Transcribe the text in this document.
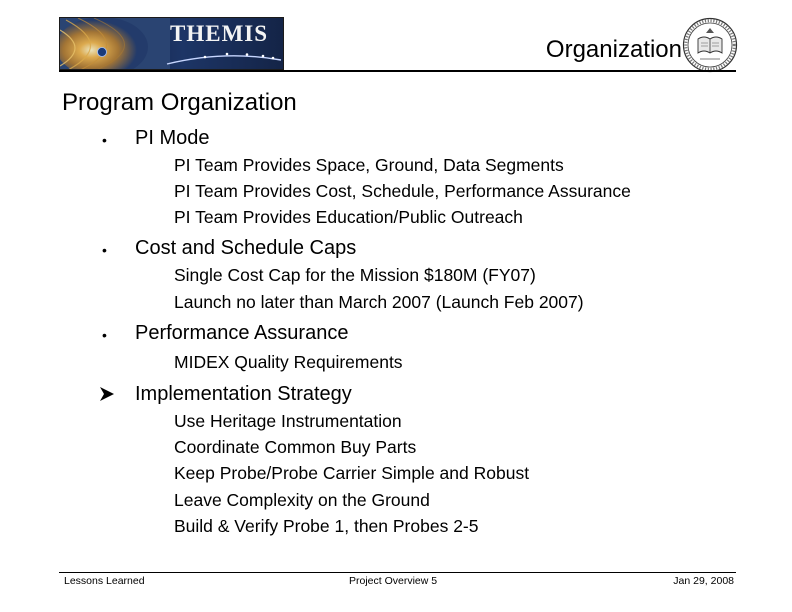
THEMIS
Organization
Program Organization
• PI Mode
PI Team Provides Space, Ground, Data Segments
PI Team Provides Cost, Schedule, Performance Assurance
PI Team Provides Education/Public Outreach
• Cost and Schedule Caps
Single Cost Cap for the Mission $180M (FY07)
Launch no later than March 2007 (Launch Feb 2007)
• Performance Assurance
MIDEX Quality Requirements
Implementation Strategy
Use Heritage Instrumentation
Coordinate Common Buy Parts
Keep Probe/Probe Carrier Simple and Robust
Leave Complexity on the Ground
Build & Verify Probe 1, then Probes 2-5
Lessons Learned	Project Overview 5	Jan 29, 2008
